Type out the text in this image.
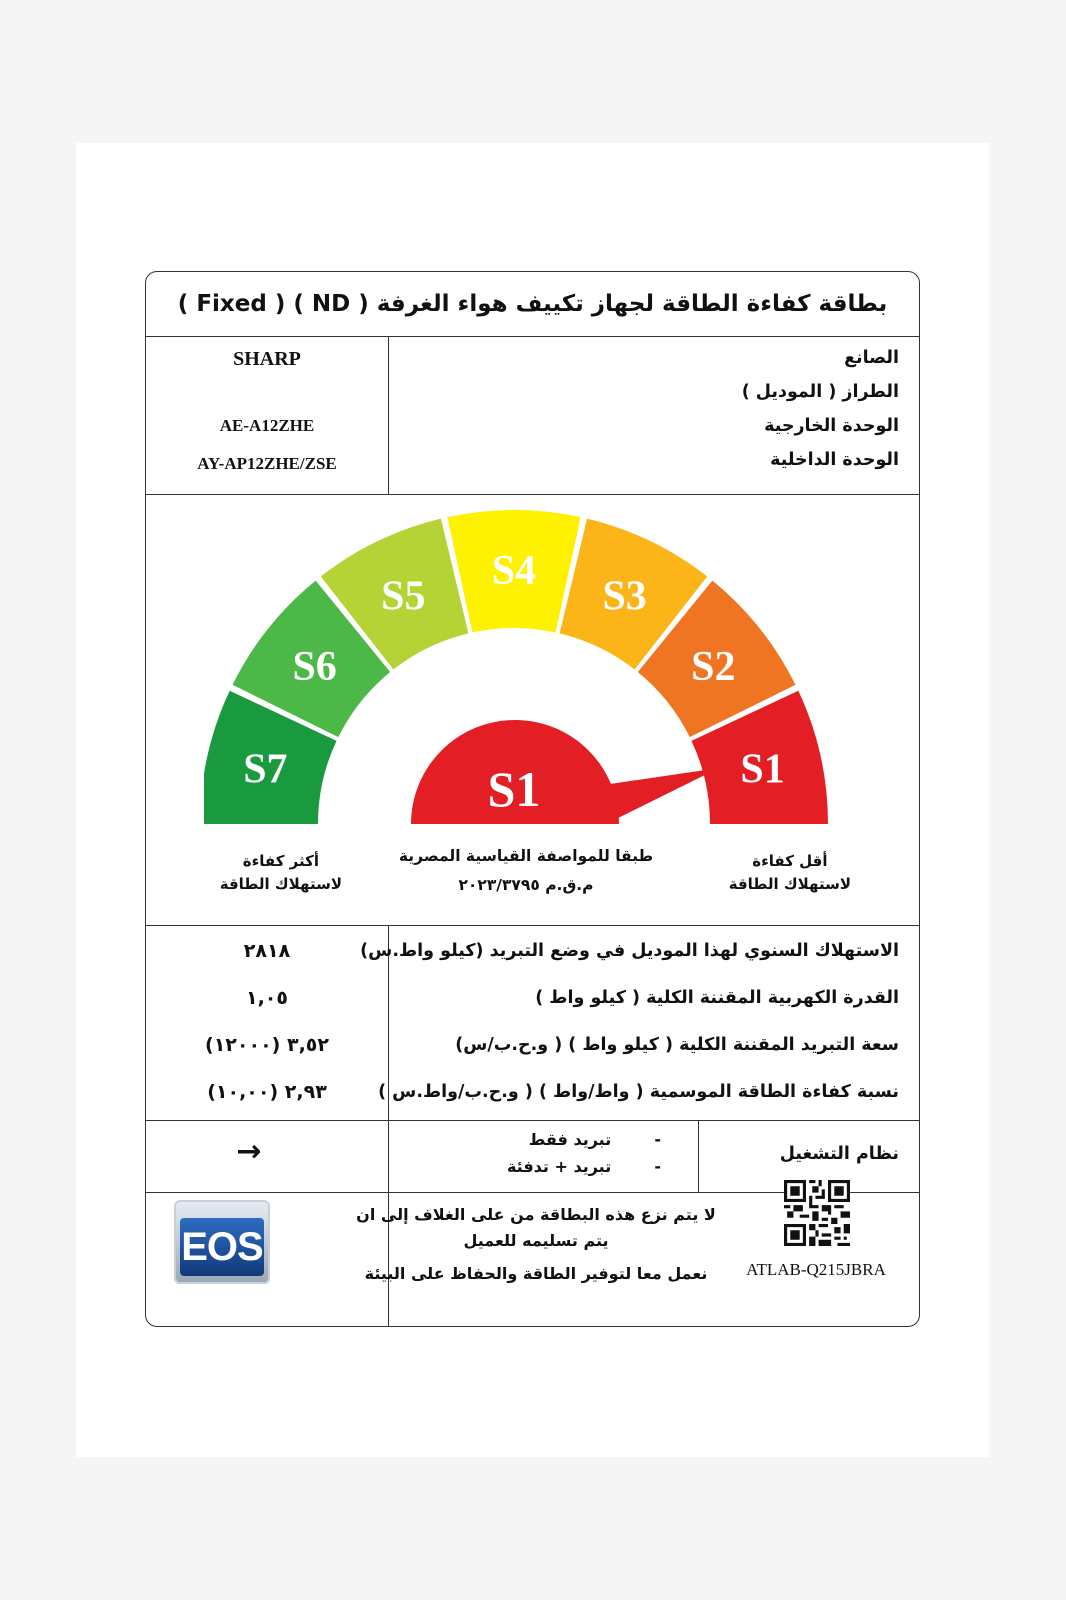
بطاقة كفاءة الطاقة لجهاز تكييف هواء الغرفة ( ND ) ( Fixed )
الصانع
الطراز ( الموديل )
الوحدة الخارجية
الوحدة الداخلية
SHARP
AE-A12ZHE
AY-AP12ZHE/ZSE
S7
S6
S5
S4
S3
S2
S1
S1
أقل كفاءة
لاستهلاك الطاقة
طبقا للمواصفة القياسية المصرية
م.ق.م ٢٠٢٣/٣٧٩٥
أكثر كفاءة
لاستهلاك الطاقة
الاستهلاك السنوي لهذا الموديل في وضع التبريد (كيلو واط.س)
القدرة الكهربية المقننة الكلية ( كيلو واط )
سعة التبريد المقننة الكلية ( كيلو واط ) ( و.ح.ب/س)
نسبة كفاءة الطاقة الموسمية ( واط/واط ) ( و.ح.ب/واط.س )
٢٨١٨
١,٠٥
٣,٥٢ (١٢٠٠٠)
٢,٩٣ (١٠,٠٠)
نظام التشغيل
-  تبريد فقط
-  تبريد + تدفئة
→
EOS
لا يتم نزع هذه البطاقة من على الغلاف إلى ان
يتم تسليمه للعميل
نعمل معا لتوفير الطاقة والحفاظ على البيئة	ATLAB-Q215JBRA
